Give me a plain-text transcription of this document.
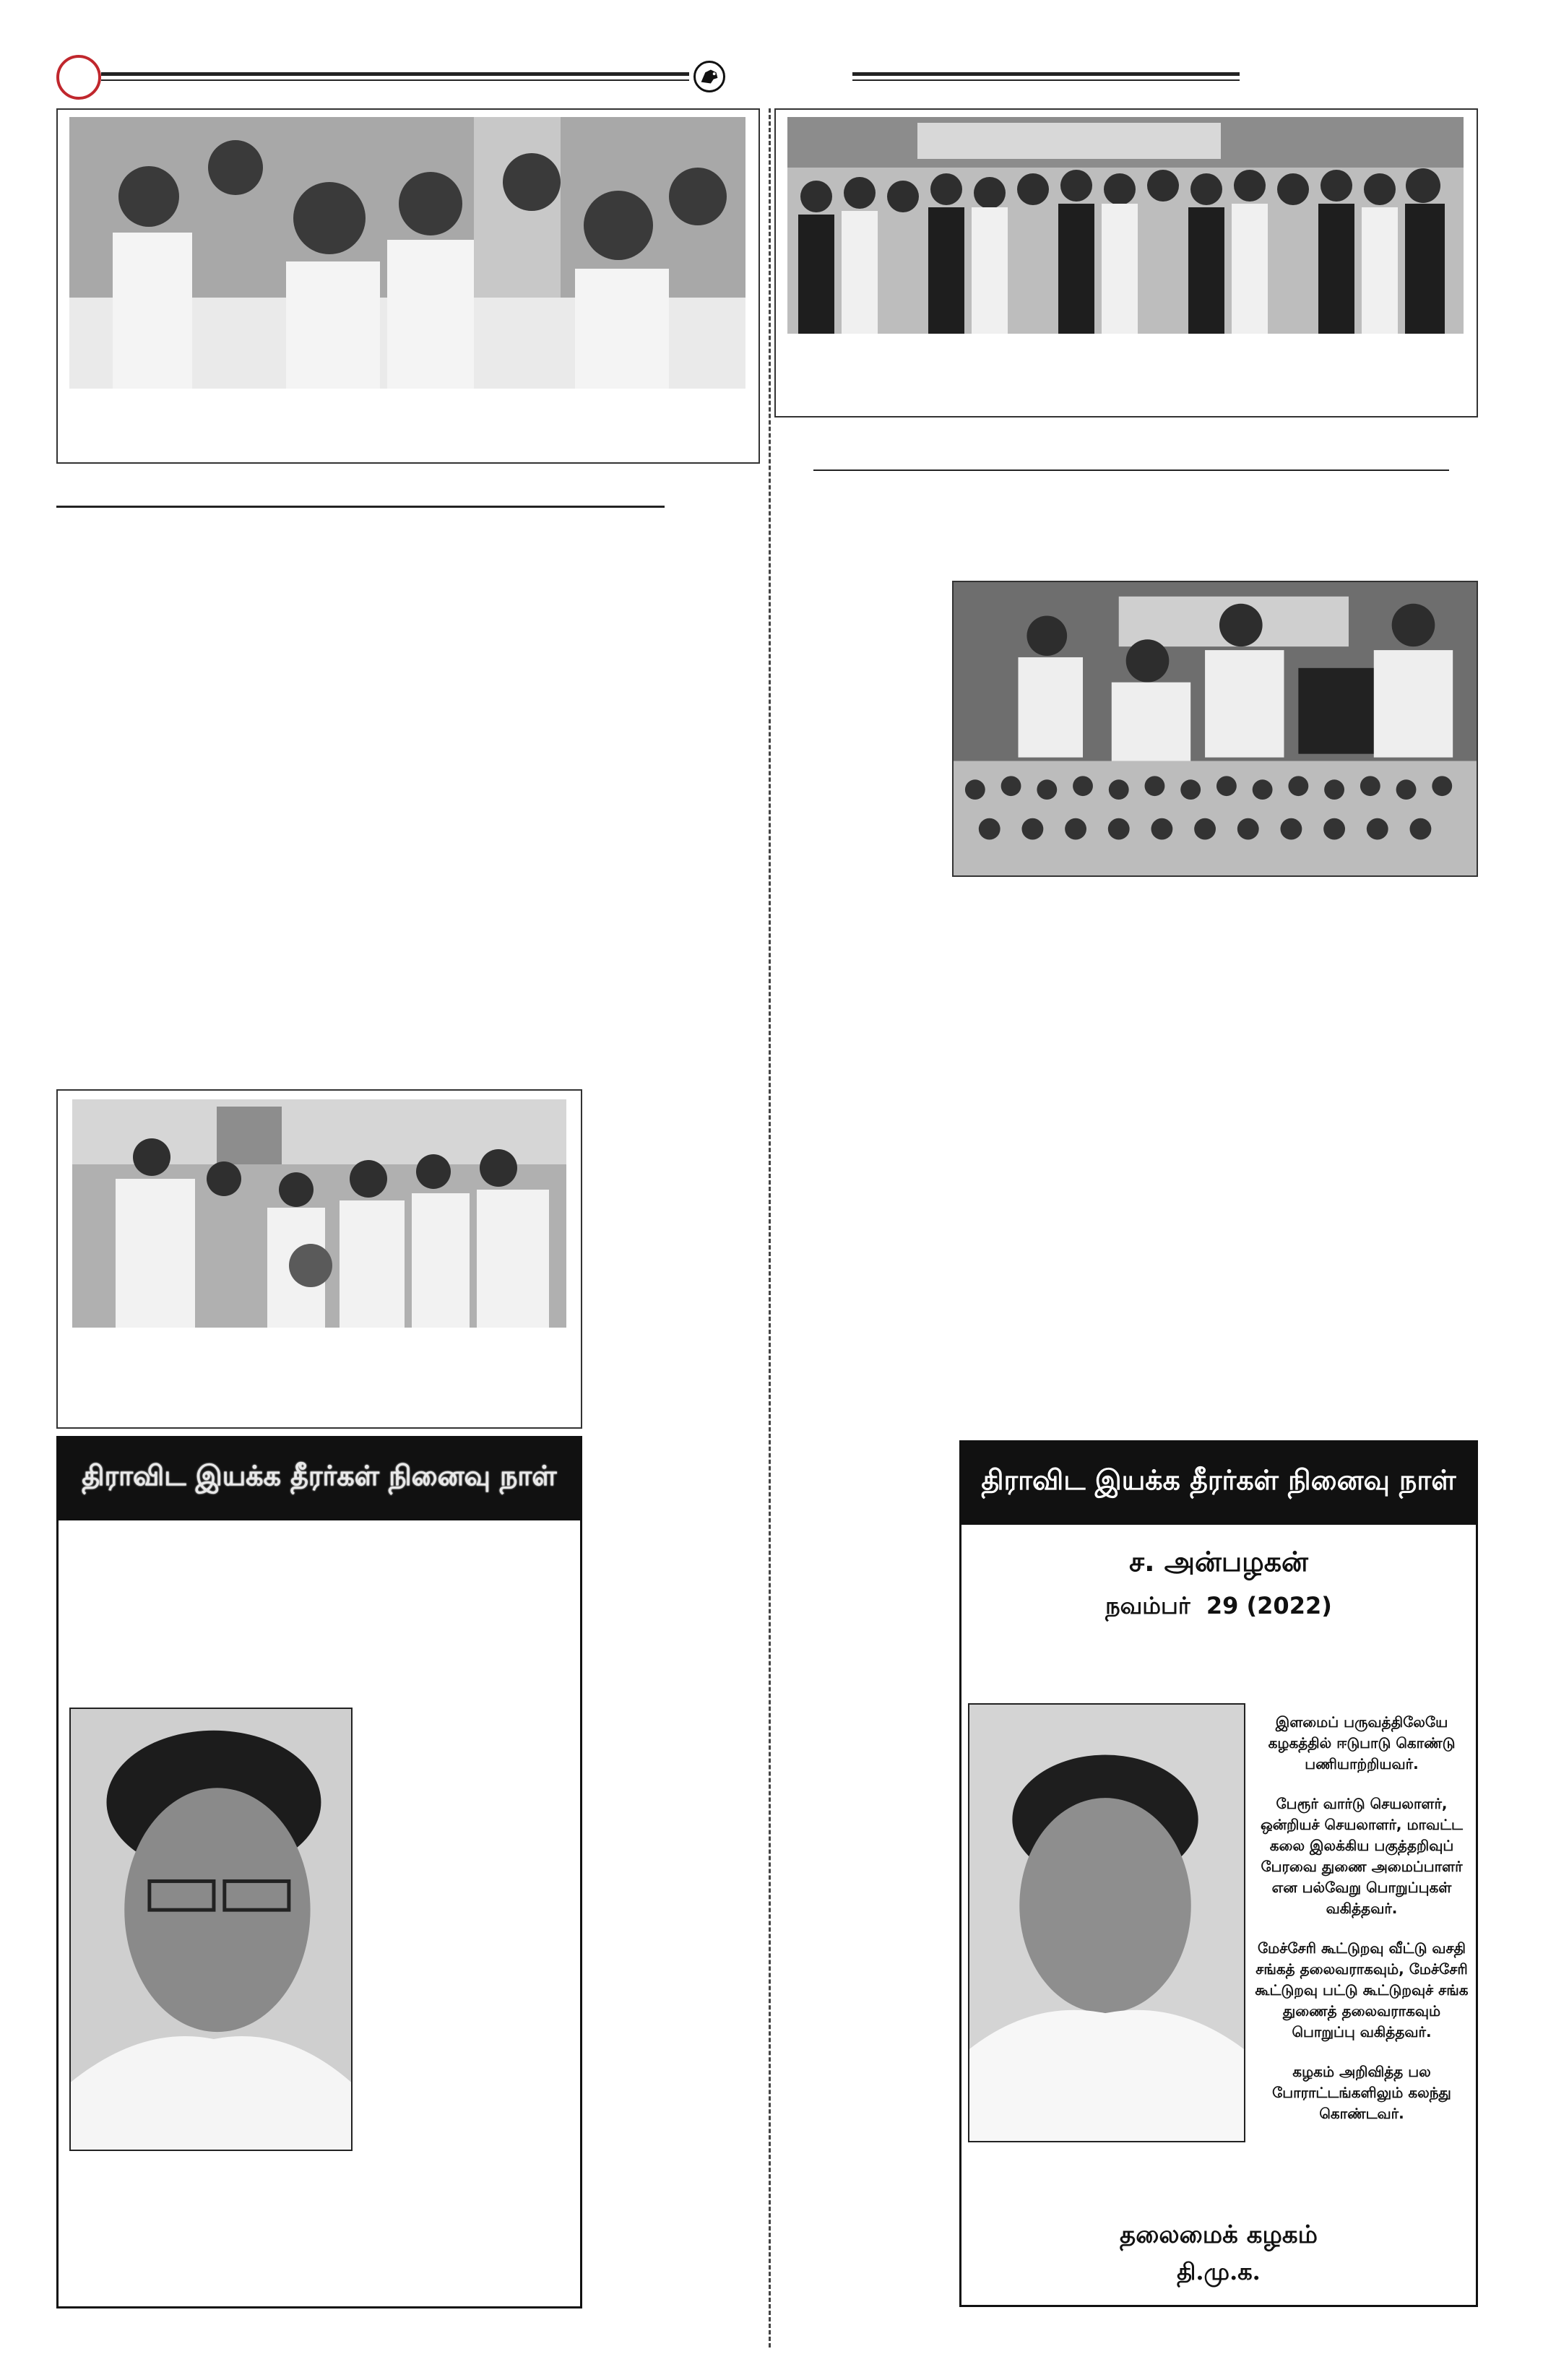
திராவிட இயக்க தீரர்கள் நினைவு நாள்	திராவிட இயக்க தீரர்கள் நினைவு நாள்
ச. அன்பழகன்
நவம்பர்  29 (2022)

இளமைப் பருவத்திலேயே கழகத்தில் ஈடுபாடு கொண்டு பணியாற்றியவர்.

பேரூர் வார்டு செயலாளர், ஒன்றியச் செயலாளர், மாவட்ட கலை இலக்கிய பகுத்தறிவுப் பேரவை துணை அமைப்பாளர் என பல்வேறு பொறுப்புகள் வகித்தவர்.

மேச்சேரி கூட்டுறவு வீட்டு வசதி சங்கத் தலைவராகவும், மேச்சேரி கூட்டுறவு பட்டு கூட்டுறவுச் சங்க துணைத் தலைவராகவும் பொறுப்பு வகித்தவர்.

கழகம் அறிவித்த பல போராட்டங்களிலும் கலந்து கொண்டவர்.

தலைமைக் கழகம்
தி.மு.க.
